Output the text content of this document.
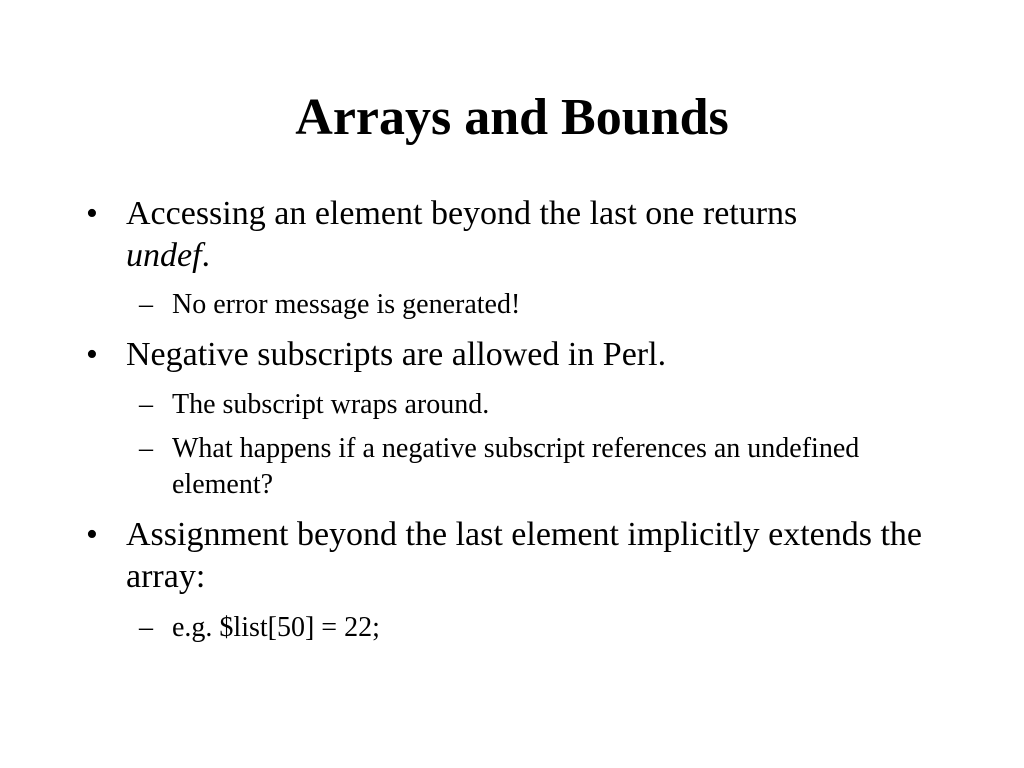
Arrays and Bounds
• Accessing an element beyond the last one returns
undef.
– No error message is generated!
• Negative subscripts are allowed in Perl.
– The subscript wraps around.
– What happens if a negative subscript references an undefined element?
• Assignment beyond the last element implicitly extends the array:
– e.g. $list[50] = 22;
